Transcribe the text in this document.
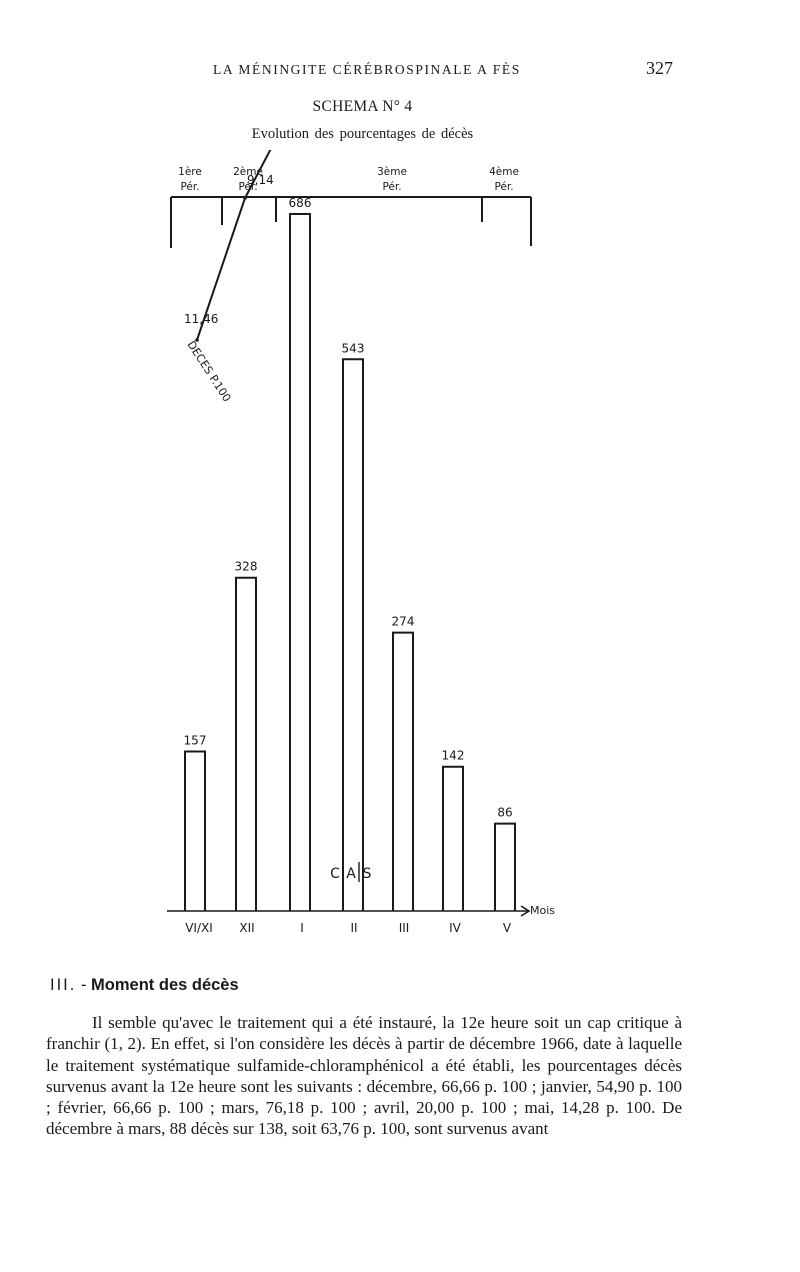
LA MÉNINGITE CÉRÉBROSPINALE A FÈS	327
SCHEMA N° 4
Evolution des pourcentages de décès
1ère
Pér.
2ème
Pér.
3ème
Pér.
4ème
Pér.
157
328
686
543
274
142
86
11,46
9,14
DECES P.100
Mois
VI/XI XII	I	II	III	IV	V
C A S
III. - Moment des décès

Il semble qu'avec le traitement qui a été instauré, la 12e heure soit un cap critique à franchir (1, 2). En effet, si l'on considère les décès à partir de décembre 1966, date à laquelle le traitement systématique sulfamide-chloramphénicol a été établi, les pourcentages décès survenus avant la 12e heure sont les suivants : décembre, 66,66 p. 100 ; janvier, 54,90 p. 100 ; février, 66,66 p. 100 ; mars, 76,18 p. 100 ; avril, 20,00 p. 100 ; mai, 14,28 p. 100. De décembre à mars, 88 décès sur 138, soit 63,76 p. 100, sont survenus avant
